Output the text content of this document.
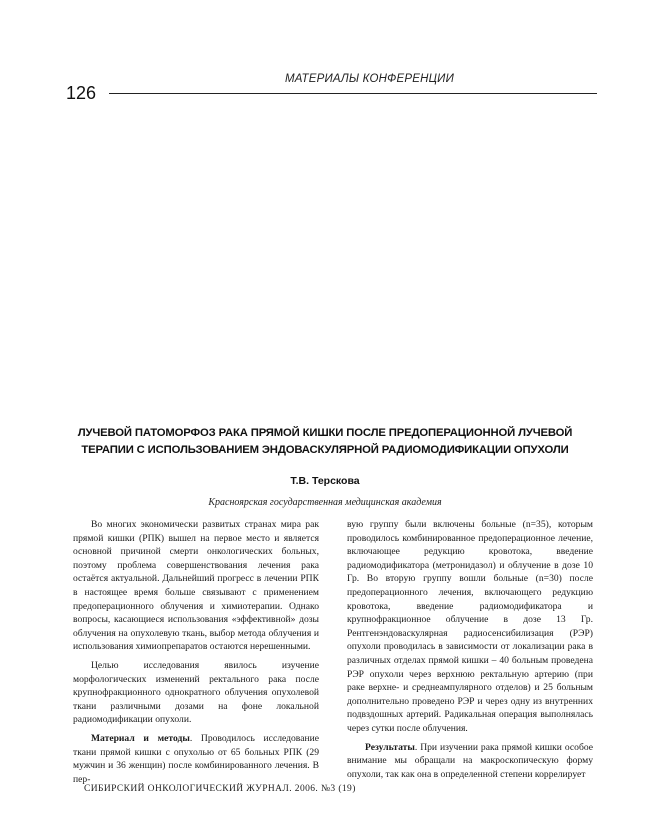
МАТЕРИАЛЫ КОНФЕРЕНЦИИ
126
ЛУЧЕВОЙ ПАТОМОРФОЗ РАКА ПРЯМОЙ КИШКИ ПОСЛЕ ПРЕДОПЕРАЦИОННОЙ ЛУЧЕВОЙ ТЕРАПИИ С ИСПОЛЬЗОВАНИЕМ ЭНДОВАСКУЛЯРНОЙ РАДИОМОДИФИКАЦИИ ОПУХОЛИ
Т.В. Терскова
Красноярская государственная медицинская академия

Во многих экономически развитых странах мира рак прямой кишки (РПК) вышел на первое место и является основной причиной смерти онкологических больных, поэтому проблема совершенствования лечения рака остаётся актуальной. Дальнейший прогресс в лечении РПК в настоящее время больше связывают с применением предоперационного облучения и химиотерапии. Однако вопросы, касающиеся использования «эффективной» дозы облучения на опухолевую ткань, выбор метода облучения и использования химиопрепаратов остаются нерешенными.

Целью исследования явилось изучение морфологических изменений ректального рака после крупнофракционного однократного облучения опухолевой ткани различными дозами на фоне локальной радиомодификации опухоли.

Материал и методы. Проводилось исследование ткани прямой кишки с опухолью от 65 больных РПК (29 мужчин и 36 женщин) после комбинированного лечения. В пер-

вую группу были включены больные (n=35), которым проводилось комбинированное предоперационное лечение, включающее редукцию кровотока, введение радиомодификатора (метронидазол) и облучение в дозе 10 Гр. Во вторую группу вошли больные (n=30) после предоперационного лечения, включающего редукцию кровотока, введение радиомодификатора и крупнофракционное облучение в дозе 13 Гр. Рентгенэндоваскулярная радиосенсибилизация (РЭР) опухоли проводилась в зависимости от локализации рака в различных отделах прямой кишки – 40 больным проведена РЭР опухоли через верхнюю ректальную артерию (при раке верхне- и среднеампулярного отделов) и 25 больным дополнительно проведено РЭР и через одну из внутренних подвздошных артерий. Радикальная операция выполнялась через сутки после облучения.

Результаты. При изучении рака прямой кишки особое внимание мы обращали на макроскопическую форму опухоли, так как она в определенной степени коррелирует

СИБИРСКИЙ ОНКОЛОГИЧЕСКИЙ ЖУРНАЛ. 2006. №3 (19)
